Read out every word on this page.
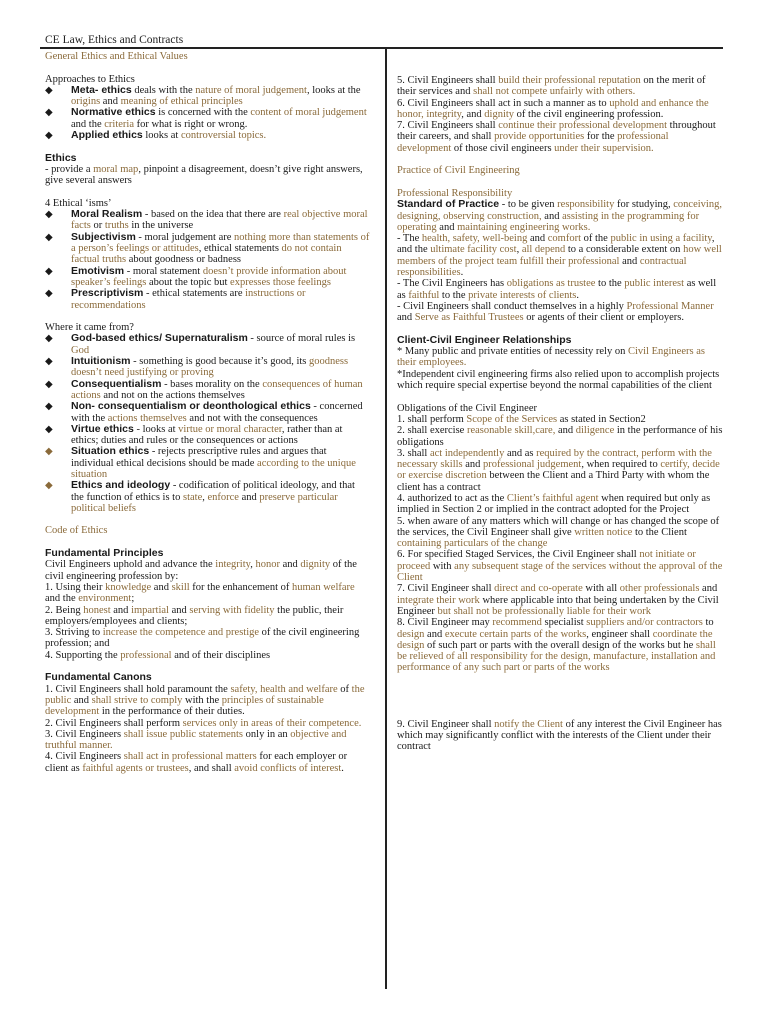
CE Law, Ethics and Contracts

General Ethics and Ethical Values

Approaches to Ethics

◆ Meta- ethics deals with the nature of moral judgement, looks at the origins and meaning of ethical principles
◆ Normative ethics is concerned with the content of moral judgement and the criteria for what is right or wrong.
◆ Applied ethics looks at controversial topics.

Ethics

- provide a moral map, pinpoint a disagreement, doesn’t give right answers, give several answers

4 Ethical ‘isms’

◆ Moral Realism - based on the idea that there are real objective moral facts or truths in the universe
◆ Subjectivism - moral judgement are nothing more than statements of a person’s feelings or attitudes, ethical statements do not contain factual truths about goodness or badness
◆ Emotivism - moral statement doesn’t provide information about speaker’s feelings about the topic but expresses those feelings
◆ Prescriptivism - ethical statements are instructions or recommendations

Where it came from?

◆ God-based ethics/ Supernaturalism - source of moral rules is God
◆ Intuitionism - something is good because it’s good, its goodness doesn’t need justifying or proving
◆ Consequentialism - bases morality on the consequences of human actions and not on the actions themselves
◆ Non- consequentialism or deonthological ethics - concerned with the actions themselves and not with the consequences
◆ Virtue ethics - looks at virtue or moral character, rather than at ethics; duties and rules or the consequences or actions
◆ Situation ethics - rejects prescriptive rules and argues that individual ethical decisions should be made according to the unique situation
◆ Ethics and ideology - codification of political ideology, and that the function of ethics is to state, enforce and preserve particular political beliefs

Code of Ethics

Fundamental Principles

Civil Engineers uphold and advance the integrity, honor and dignity of the civil engineering profession by:

1. Using their knowledge and skill for the enhancement of human welfare and the environment;

2. Being honest and impartial and serving with fidelity the public, their employers/employees and clients;

3. Striving to increase the competence and prestige of the civil engineering profession; and

4. Supporting the professional and of their disciplines

Fundamental Canons

1. Civil Engineers shall hold paramount the safety, health and welfare of the public and shall strive to comply with the principles of sustainable development in the performance of their duties.

2. Civil Engineers shall perform services only in areas of their competence.

3. Civil Engineers shall issue public statements only in an objective and truthful manner.

4. Civil Engineers shall act in professional matters for each employer or client as faithful agents or trustees, and shall avoid conflicts of interest.

5. Civil Engineers shall build their professional reputation on the merit of their services and shall not compete unfairly with others.

6. Civil Engineers shall act in such a manner as to uphold and enhance the honor, integrity, and dignity of the civil engineering profession.

7. Civil Engineers shall continue their professional development throughout their careers, and shall provide opportunities for the professional development of those civil engineers under their supervision.

Practice of Civil Engineering

Professional Responsibility

Standard of Practice - to be given responsibility for studying, conceiving, designing, observing construction, and assisting in the programming for operating and maintaining engineering works.

- The health, safety, well-being and comfort of the public in using a facility, and the ultimate facility cost, all depend to a considerable extent on how well members of the project team fulfill their professional and contractual responsibilities.

- The Civil Engineers has obligations as trustee to the public interest as well as faithful to the private interests of clients.

- Civil Engineers shall conduct themselves in a highly Professional Manner and Serve as Faithful Trustees or agents of their client or employers.

Client-Civil Engineer Relationships

* Many public and private entities of necessity rely on Civil Engineers as their employees.

*Independent civil engineering firms also relied upon to accomplish projects which require special expertise beyond the normal capabilities of the client

Obligations of the Civil Engineer

1. shall perform Scope of the Services as stated in Section2

2. shall exercise reasonable skill,care, and diligence in the performance of his obligations

3. shall act independently and as required by the contract, perform with the necessary skills and professional judgement, when required to certify, decide or exercise discretion between the Client and a Third Party with whom the client has a contract

4. authorized to act as the Client’s faithful agent when required but only as implied in Section 2 or implied in the contract adopted for the Project

5. when aware of any matters which will change or has changed the scope of the services, the Civil Engineer shall give written notice to the Client containing particulars of the change

6. For specified Staged Services, the Civil Engineer shall not initiate or proceed with any subsequent stage of the services without the approval of the Client

7. Civil Engineer shall direct and co-operate with all other professionals and integrate their work where applicable into that being undertaken by the Civil Engineer but shall not be professionally liable for their work

8. Civil Engineer may recommend specialist suppliers and/or contractors to design and execute certain parts of the works, engineer shall coordinate the design of such part or parts with the overall design of the works but he shall be relieved of all responsibility for the design, manufacture, installation and performance of any such part or parts of the works

9. Civil Engineer shall notify the Client of any interest the Civil Engineer has which may significantly conflict with the interests of the Client under their contract
